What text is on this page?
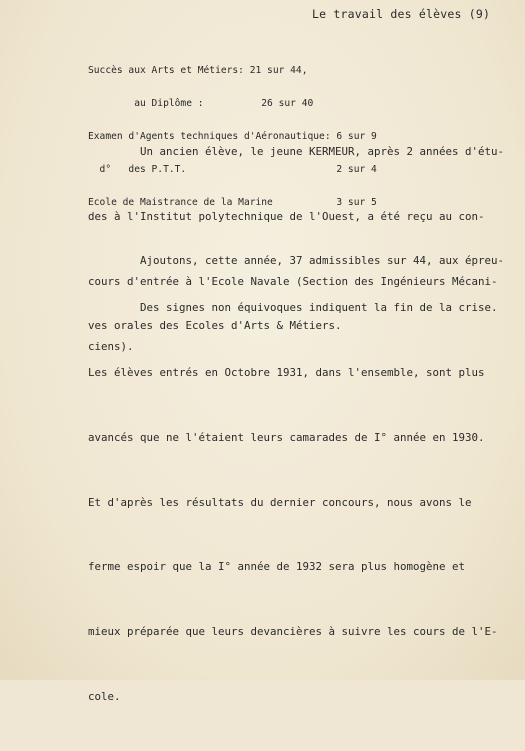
Le travail des élèves (9)

Succès aux Arts et Métiers: 21 sur 44,

au Diplôme :          26 sur 40

Examen d'Agents techniques d'Aéronautique: 6 sur 9

d°   des P.T.T.                          2 sur 4

Ecole de Maistrance de la Marine           3 sur 5

Un ancien élève, le jeune KERMEUR, après 2 années d'étu-

des à l'Institut polytechnique de l'Ouest, a été reçu au con-

cours d'entrée à l'Ecole Navale (Section des Ingénieurs Mécani-

ciens).

Ajoutons, cette année, 37 admissibles sur 44, aux épreu-

ves orales des Ecoles d'Arts & Métiers.

Des signes non équivoques indiquent la fin de la crise.

Les élèves entrés en Octobre 1931, dans l'ensemble, sont plus

avancés que ne l'étaient leurs camarades de I° année en 1930.

Et d'après les résultats du dernier concours, nous avons le

ferme espoir que la I° année de 1932 sera plus homogène et

mieux préparée que leurs devancières à suivre les cours de l'E-

cole.
